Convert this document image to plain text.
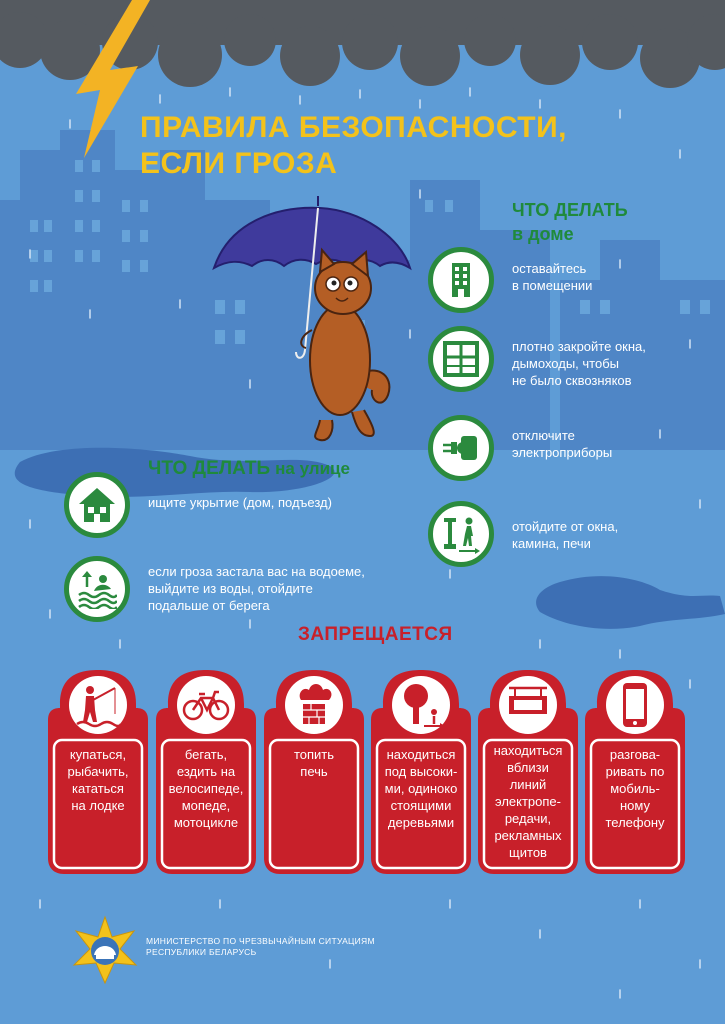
ПРАВИЛА БЕЗОПАСНОСТИ,
ЕСЛИ ГРОЗА
ЧТО ДЕЛАТЬ
в доме
оставайтесь
в помещении
плотно закройте окна,
дымоходы, чтобы
не было сквозняков
отключите
электроприборы
отойдите от окна,
камина, печи
ЧТО ДЕЛАТЬ на улице
ищите укрытие (дом, подъезд)
если гроза застала вас на водоеме,
выйдите из воды, отойдите
подальше от берега
ЗАПРЕЩАЕТСЯ
купаться,
рыбачить,
кататься
на лодке
бегать,
ездить на
велосипеде,
мопеде,
мотоцикле
топить
печь
находиться
под высоки-
ми, одиноко
стоящими
деревьями
находиться
вблизи
линий
электропе-
редачи,
рекламных
щитов
разгова-
ривать по
мобиль-
ному
телефону
МИНИСТЕРСТВО ПО ЧРЕЗВЫЧАЙНЫМ СИТУАЦИЯМ
РЕСПУБЛИКИ БЕЛАРУСЬ
